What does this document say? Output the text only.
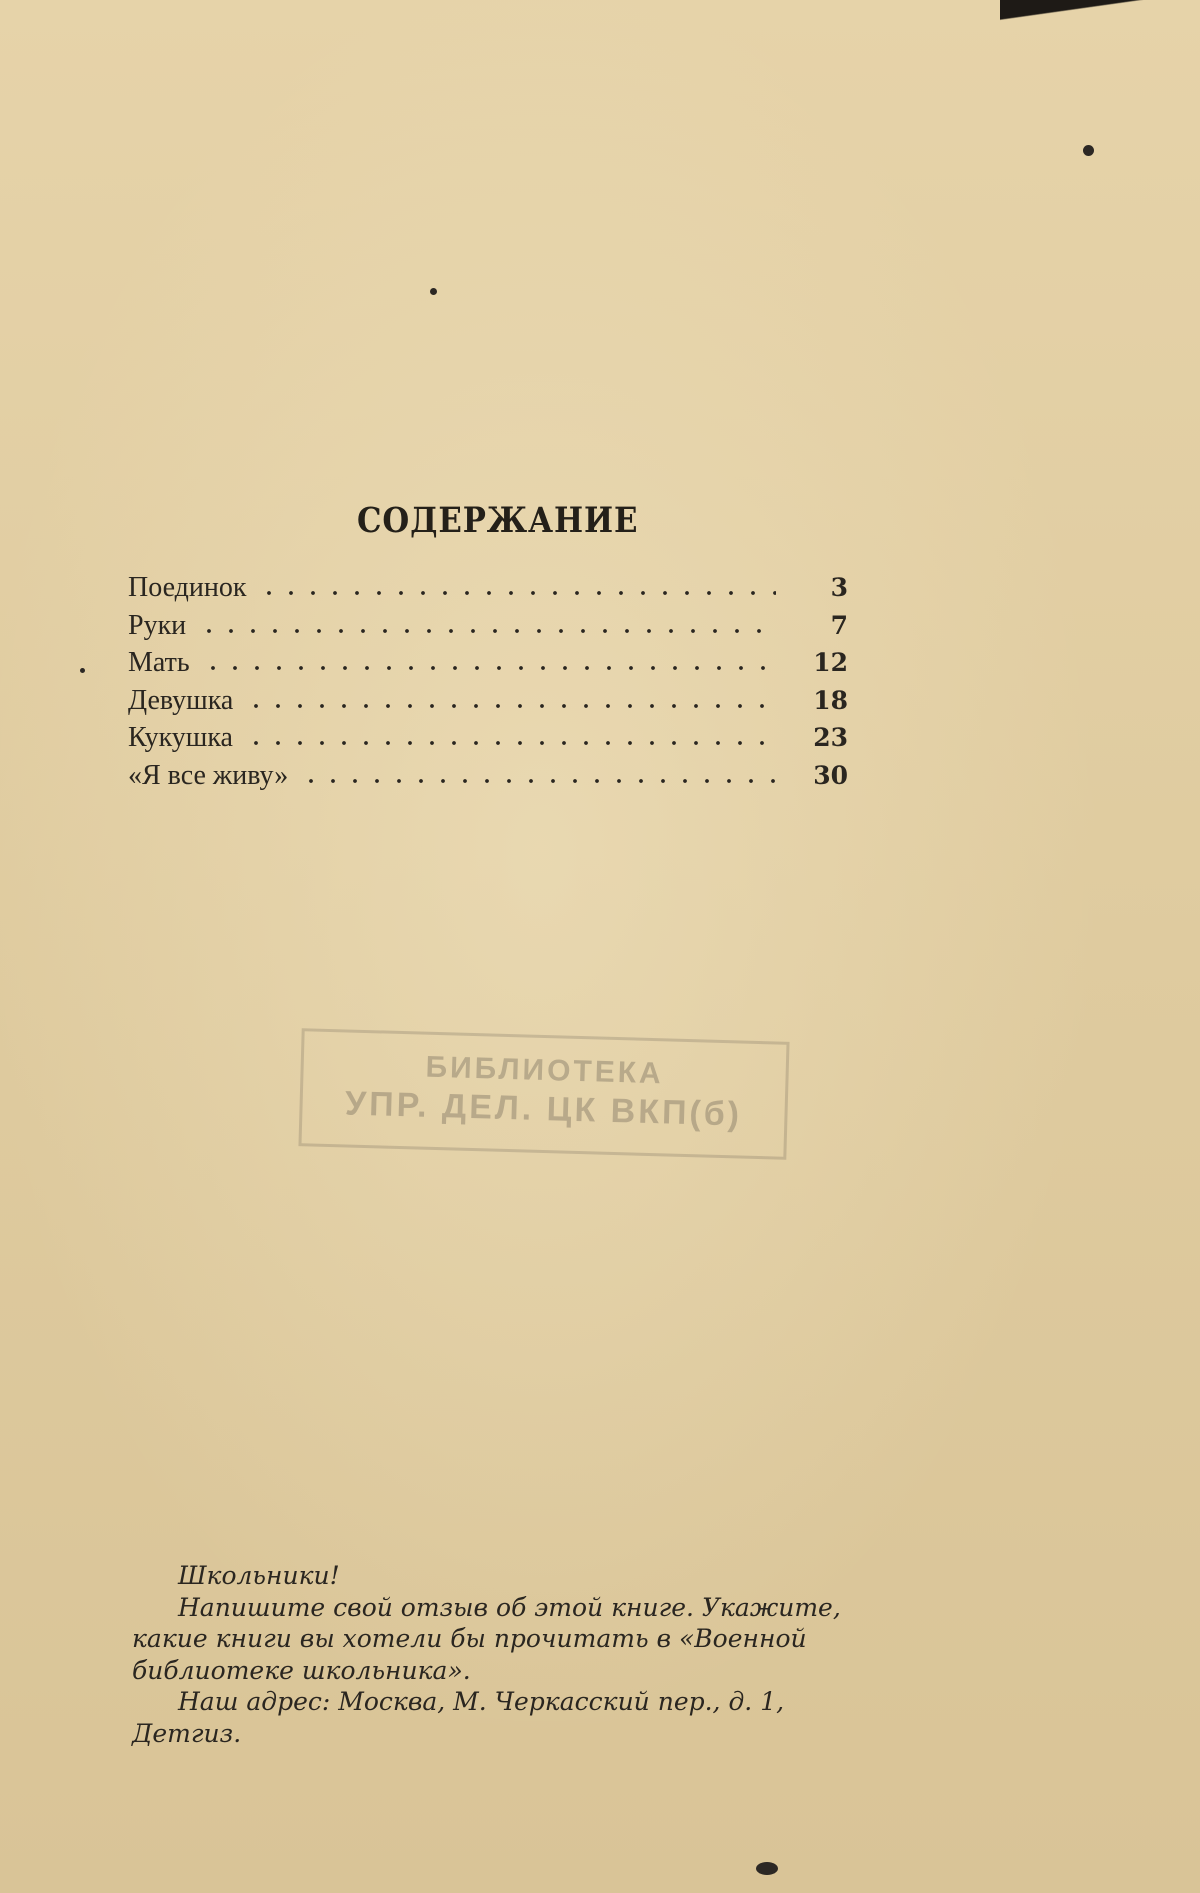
СОДЕРЖАНИЕ
Поединок	3
Руки	7
Мать	12
Девушка	18
Кукушка	23
«Я все живу»	30
БИБЛИОТЕКА
УПР. ДЕЛ. ЦК ВКП(б)

Школьники!

Напишите свой отзыв об этой книге. Укажите,

какие книги вы хотели бы прочитать в «Военной

библиотеке школьника».

Наш адрес: Москва, М. Черкасский пер., д. 1,

Детгиз.
